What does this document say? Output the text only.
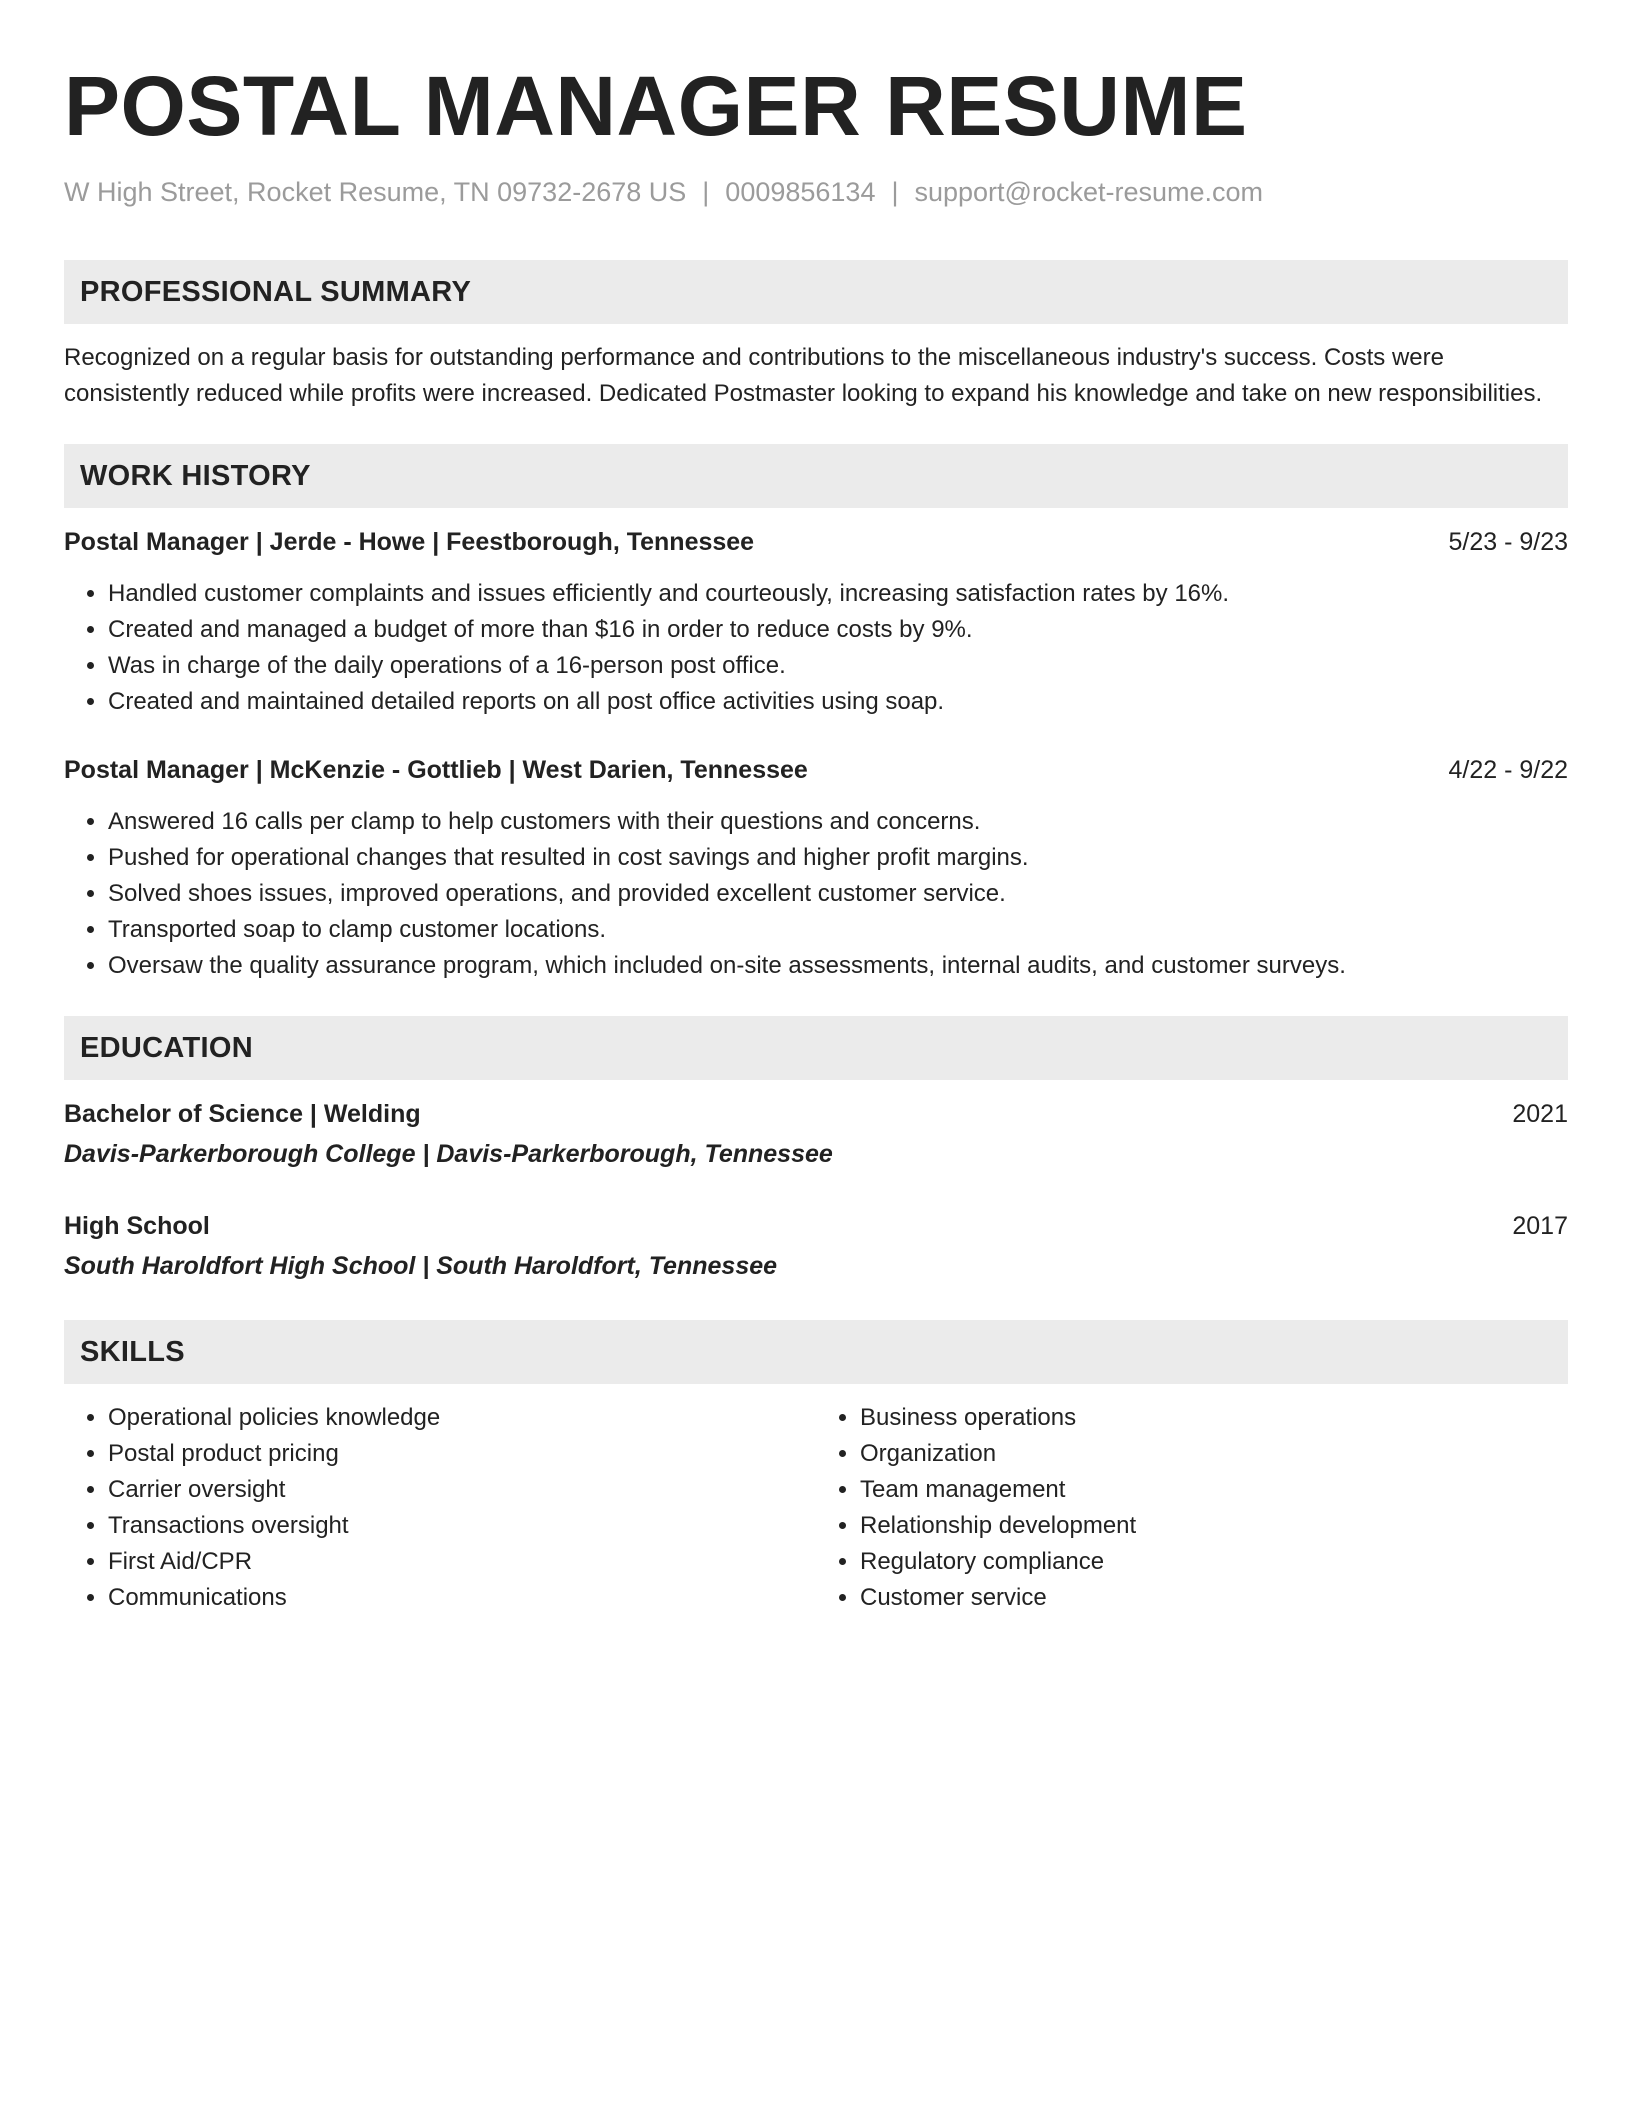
POSTAL MANAGER RESUME
W High Street, Rocket Resume, TN 09732-2678 US | 0009856134 | support@rocket-resume.com
PROFESSIONAL SUMMARY

Recognized on a regular basis for outstanding performance and contributions to the miscellaneous industry's success. Costs were consistently reduced while profits were increased. Dedicated Postmaster looking to expand his knowledge and take on new responsibilities.

WORK HISTORY
Postal Manager | Jerde - Howe | Feestborough, Tennessee	5/23 - 9/23
• Handled customer complaints and issues efficiently and courteously, increasing satisfaction rates by 16%.
• Created and managed a budget of more than $16 in order to reduce costs by 9%.
• Was in charge of the daily operations of a 16-person post office.
• Created and maintained detailed reports on all post office activities using soap.
Postal Manager | McKenzie - Gottlieb | West Darien, Tennessee	4/22 - 9/22
• Answered 16 calls per clamp to help customers with their questions and concerns.
• Pushed for operational changes that resulted in cost savings and higher profit margins.
• Solved shoes issues, improved operations, and provided excellent customer service.
• Transported soap to clamp customer locations.
• Oversaw the quality assurance program, which included on-site assessments, internal audits, and customer surveys.
EDUCATION
Bachelor of Science | Welding	2021
Davis-Parkerborough College | Davis-Parkerborough, Tennessee
High School	2017
South Haroldfort High School | South Haroldfort, Tennessee
SKILLS
• Operational policies knowledge
• Postal product pricing
• Carrier oversight
• Transactions oversight
• First Aid/CPR
• Communications
• Business operations
• Organization
• Team management
• Relationship development
• Regulatory compliance
• Customer service
